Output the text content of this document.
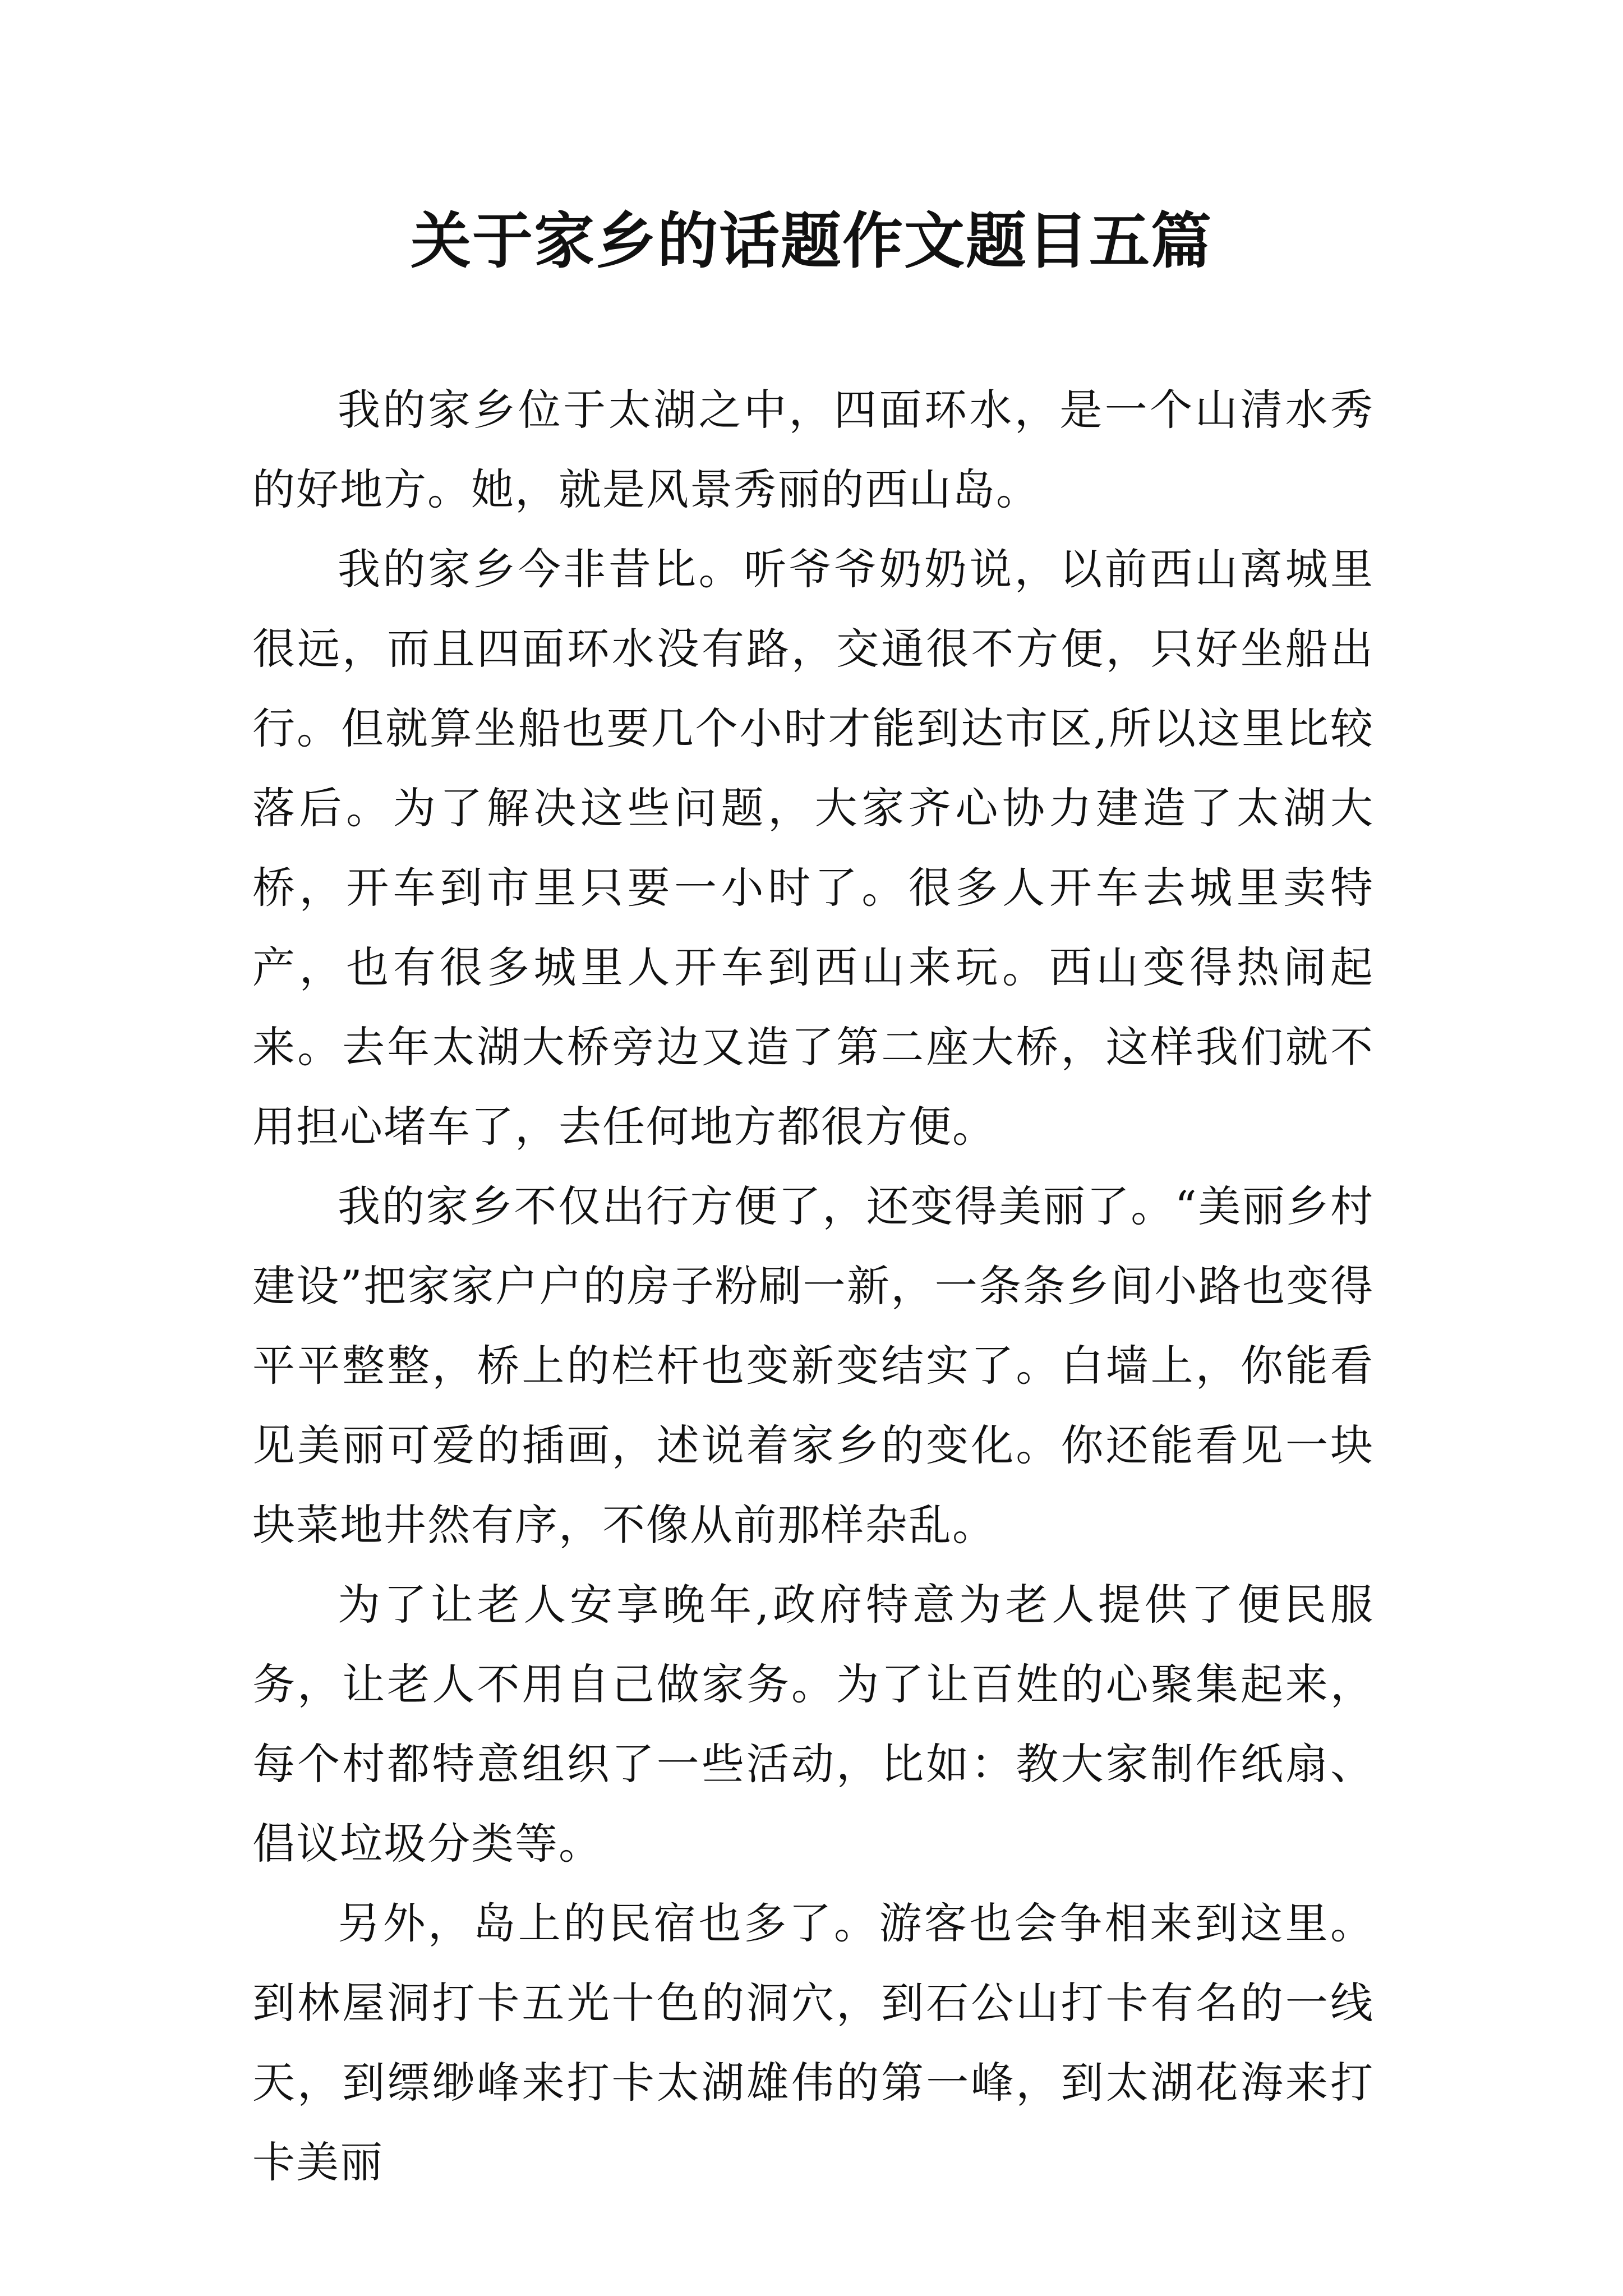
关于家乡的话题作文题目五篇

我的家乡位于太湖之中，四面环水，是一个山清水秀的好地方。她，就是风景秀丽的西山岛。

我的家乡今非昔比。听爷爷奶奶说，以前西山离城里很远，而且四面环水没有路，交通很不方便，只好坐船出行。但就算坐船也要几个小时才能到达市区,所以这里比较落后。为了解决这些问题，大家齐心协力建造了太湖大桥，开车到市里只要一小时了。很多人开车去城里卖特产，也有很多城里人开车到西山来玩。西山变得热闹起来。去年太湖大桥旁边又造了第二座大桥，这样我们就不用担心堵车了，去任何地方都很方便。

我的家乡不仅出行方便了，还变得美丽了。“美丽乡村建设”把家家户户的房子粉刷一新，一条条乡间小路也变得平平整整，桥上的栏杆也变新变结实了。白墙上，你能看见美丽可爱的插画，述说着家乡的变化。你还能看见一块块菜地井然有序，不像从前那样杂乱。

为了让老人安享晚年,政府特意为老人提供了便民服务，让老人不用自己做家务。为了让百姓的心聚集起来，每个村都特意组织了一些活动，比如：教大家制作纸扇、倡议垃圾分类等。

另外，岛上的民宿也多了。游客也会争相来到这里。到林屋洞打卡五光十色的洞穴，到石公山打卡有名的一线天，到缥缈峰来打卡太湖雄伟的第一峰，到太湖花海来打卡美丽
